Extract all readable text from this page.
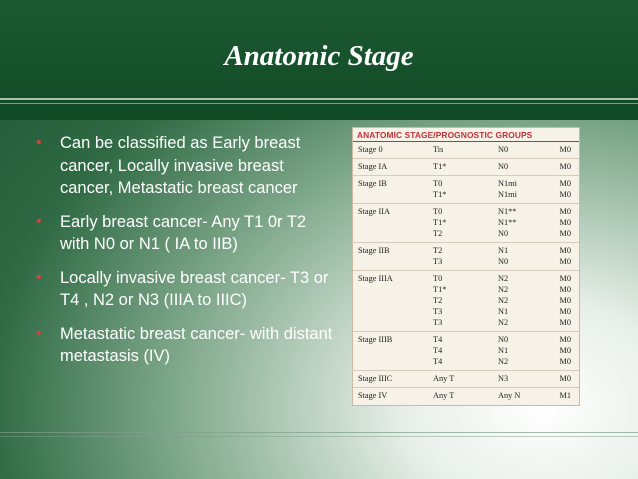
Anatomic Stage
• Can be classified as Early breast cancer, Locally invasive breast cancer, Metastatic breast cancer
• Early breast cancer- Any T1 0r T2 with N0 or N1 ( IA to IIB)
• Locally invasive breast cancer- T3 or T4 , N2 or N3 (IIIA to IIIC)
• Metastatic breast cancer- with distant metastasis (IV)
ANATOMIC STAGE/PROGNOSTIC GROUPS
Stage 0	Tis	N0	M0
Stage IA	T1*	N0	M0
Stage IB	T0	N1mi	M0
T1*	N1mi	M0
Stage IIA	T0	N1**	M0
T1*	N1**	M0
T2	N0	M0
Stage IIB	T2	N1	M0
T3	N0	M0
Stage IIIA	T0	N2	M0
T1*	N2	M0
T2	N2	M0
T3	N1	M0
T3	N2	M0
Stage IIIB	T4	N0	M0
T4	N1	M0
T4	N2	M0
Stage IIIC	Any T	N3	M0
Stage IV	Any T	Any N	M1
